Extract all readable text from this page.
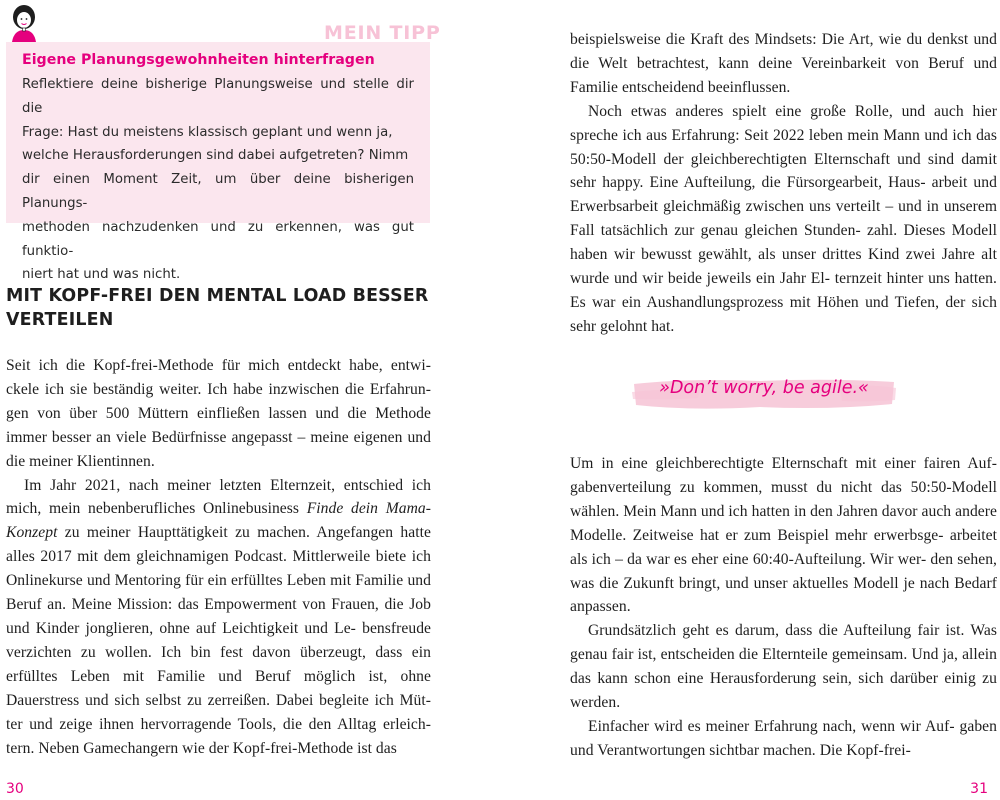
Eigene Planungsgewohnheiten hinterfragen
Reflektiere deine bisherige Planungsweise und stelle dir die
Frage: Hast du meistens klassisch geplant und wenn ja,
welche Herausforderungen sind dabei aufgetreten? Nimm
dir einen Moment Zeit, um über deine bisherigen Planungs-
methoden nachzudenken und zu erkennen, was gut funktio-
niert hat und was nicht.
MEIN TIPP
MIT KOPF-FREI DEN MENTAL LOAD BESSER
VERTEILEN

Seit ich die Kopf-frei-Methode für mich entdeckt habe, entwi- ckele ich sie beständig weiter. Ich habe inzwischen die Erfahrun- gen von über 500 Müttern einfließen lassen und die Methode immer besser an viele Bedürfnisse angepasst – meine eigenen und die meiner Klientinnen.

Im Jahr 2021, nach meiner letzten Elternzeit, entschied ich mich, mein nebenberufliches Onlinebusiness Finde dein Mama- Konzept zu meiner Haupttätigkeit zu machen. Angefangen hatte alles 2017 mit dem gleichnamigen Podcast. Mittlerweile biete ich Onlinekurse und Mentoring für ein erfülltes Leben mit Familie und Beruf an. Meine Mission: das Empowerment von Frauen, die Job und Kinder jonglieren, ohne auf Leichtigkeit und Le- bensfreude verzichten zu wollen. Ich bin fest davon überzeugt, dass ein erfülltes Leben mit Familie und Beruf möglich ist, ohne Dauerstress und sich selbst zu zerreißen. Dabei begleite ich Müt- ter und zeige ihnen hervorragende Tools, die den Alltag erleich- tern. Neben Gamechangern wie der Kopf-frei-Methode ist das

beispielsweise die Kraft des Mindsets: Die Art, wie du denkst und die Welt betrachtest, kann deine Vereinbarkeit von Beruf und Familie entscheidend beeinflussen.

Noch etwas anderes spielt eine große Rolle, und auch hier spreche ich aus Erfahrung: Seit 2022 leben mein Mann und ich das 50:50-Modell der gleichberechtigten Elternschaft und sind damit sehr happy. Eine Aufteilung, die Fürsorgearbeit, Haus- arbeit und Erwerbsarbeit gleichmäßig zwischen uns verteilt – und in unserem Fall tatsächlich zur genau gleichen Stunden- zahl. Dieses Modell haben wir bewusst gewählt, als unser drittes Kind zwei Jahre alt wurde und wir beide jeweils ein Jahr El- ternzeit hinter uns hatten. Es war ein Aushandlungsprozess mit Höhen und Tiefen, der sich sehr gelohnt hat.

»Don’t worry, be agile.«

Um in eine gleichberechtigte Elternschaft mit einer fairen Auf- gabenverteilung zu kommen, musst du nicht das 50:50-Modell wählen. Mein Mann und ich hatten in den Jahren davor auch andere Modelle. Zeitweise hat er zum Beispiel mehr erwerbsge- arbeitet als ich – da war es eher eine 60:40-Aufteilung. Wir wer- den sehen, was die Zukunft bringt, und unser aktuelles Modell je nach Bedarf anpassen.

Grundsätzlich geht es darum, dass die Aufteilung fair ist. Was genau fair ist, entscheiden die Elternteile gemeinsam. Und ja, allein das kann schon eine Herausforderung sein, sich darüber einig zu werden.

Einfacher wird es meiner Erfahrung nach, wenn wir Auf- gaben und Verantwortungen sichtbar machen. Die Kopf-frei-

30	31
